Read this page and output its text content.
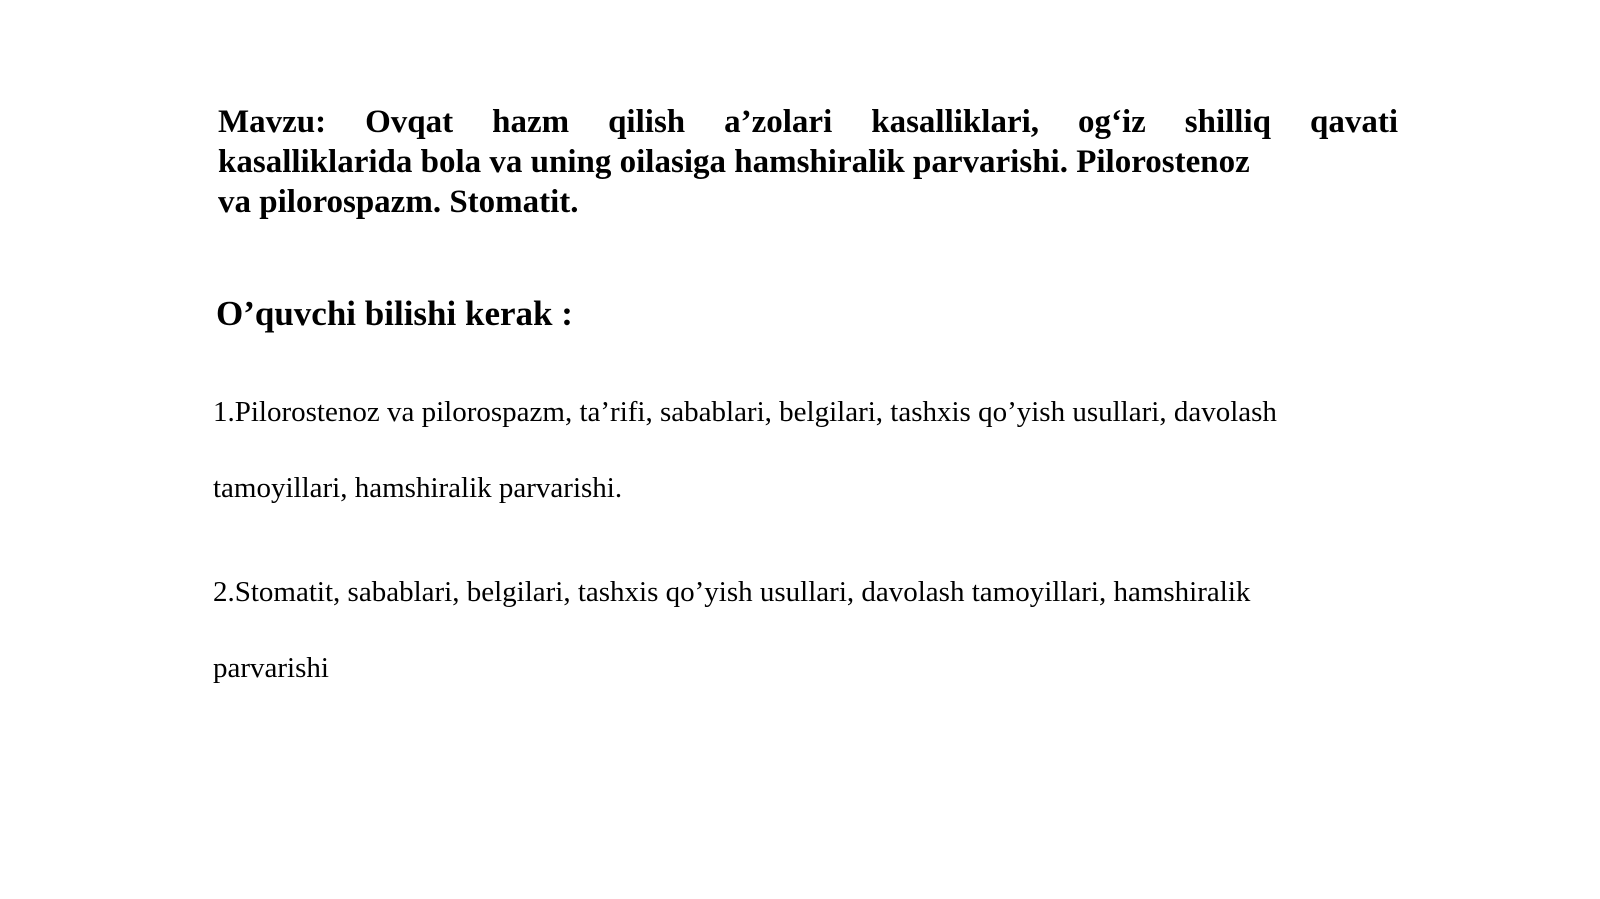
Mavzu: Ovqat hazm qilish a’zolari kasalliklari, og‘iz shilliq qavati
kasalliklarida bola va uning oilasiga hamshiralik parvarishi. Pilorostenoz
va pilorospazm. Stomatit.
O’quvchi bilishi kerak :
1.Pilorostenoz va pilorospazm, ta’rifi, sabablari, belgilari, tashxis qo’yish usullari, davolash
tamoyillari, hamshiralik parvarishi.
2.Stomatit, sabablari, belgilari, tashxis qo’yish usullari, davolash tamoyillari, hamshiralik
parvarishi
